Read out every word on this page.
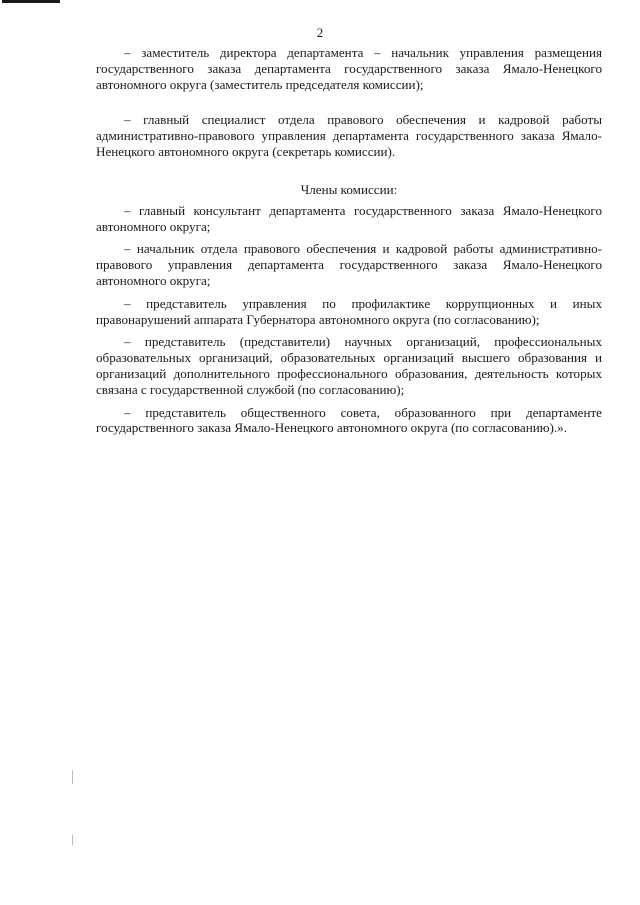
2

– заместитель директора департамента – начальник управления размещения государственного заказа департамента государственного заказа Ямало-Ненецкого автономного округа (заместитель председателя комиссии);

– главный специалист отдела правового обеспечения и кадровой работы административно-правового управления департамента государственного заказа Ямало-Ненецкого автономного округа (секретарь комиссии).

Члены комиссии:

– главный консультант департамента государственного заказа Ямало-Ненецкого автономного округа;

– начальник отдела правового обеспечения и кадровой работы административно-правового управления департамента государственного заказа Ямало-Ненецкого автономного округа;

– представитель управления по профилактике коррупционных и иных правонарушений аппарата Губернатора автономного округа (по согласованию);

– представитель (представители) научных организаций, профессиональных образовательных организаций, образовательных организаций высшего образования и организаций дополнительного профессионального образования, деятельность которых связана с государственной службой (по согласованию);

– представитель общественного совета, образованного при департаменте государственного заказа Ямало-Ненецкого автономного округа (по согласованию).».
